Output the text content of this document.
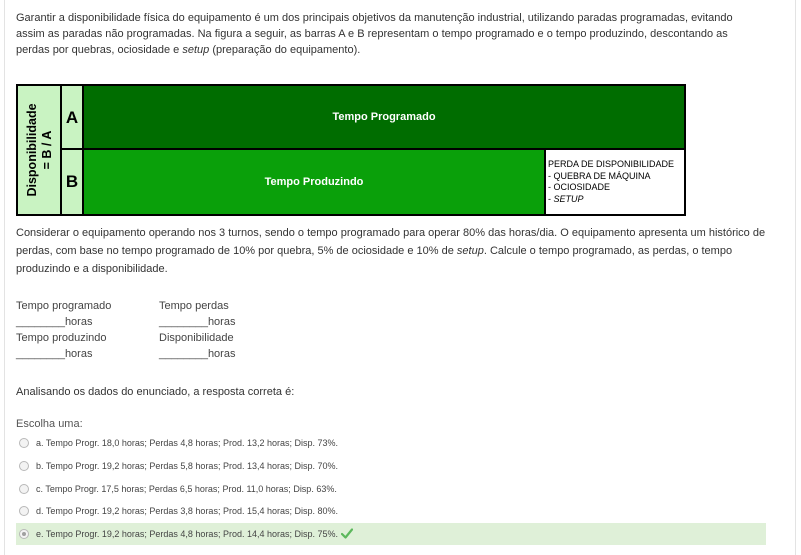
Garantir a disponibilidade física do equipamento é um dos principais objetivos da manutenção industrial, utilizando paradas programadas, evitando assim as paradas não programadas. Na figura a seguir, as barras A e B representam o tempo programado e o tempo produzindo, descontando as perdas por quebras, ociosidade e setup (preparação do equipamento).
Disponibilidade = B / A
A
B
Tempo Programado
Tempo Produzindo
PERDA DE DISPONIBILIDADE
- QUEBRA DE MÁQUINA
- OCIOSIDADE
- SETUP
Considerar o equipamento operando nos 3 turnos, sendo o tempo programado para operar 80% das horas/dia. O equipamento apresenta um histórico de perdas, com base no tempo programado de 10% por quebra, 5% de ociosidade e 10% de setup. Calcule o tempo programado, as perdas, o tempo produzindo e a disponibilidade.
Tempo programado
________horas
Tempo perdas
________horas
Tempo produzindo
________horas
Disponibilidade
________horas
Analisando os dados do enunciado, a resposta correta é:
Escolha uma:
a. Tempo Progr. 18,0 horas; Perdas 4,8 horas; Prod. 13,2 horas; Disp. 73%.
b. Tempo Progr. 19,2 horas; Perdas 5,8 horas; Prod. 13,4 horas; Disp. 70%.
c. Tempo Progr. 17,5 horas; Perdas 6,5 horas; Prod. 11,0 horas; Disp. 63%.
d. Tempo Progr. 19,2 horas; Perdas 3,8 horas; Prod. 15,4 horas; Disp. 80%.
e. Tempo Progr. 19,2 horas; Perdas 4,8 horas; Prod. 14,4 horas; Disp. 75%.
